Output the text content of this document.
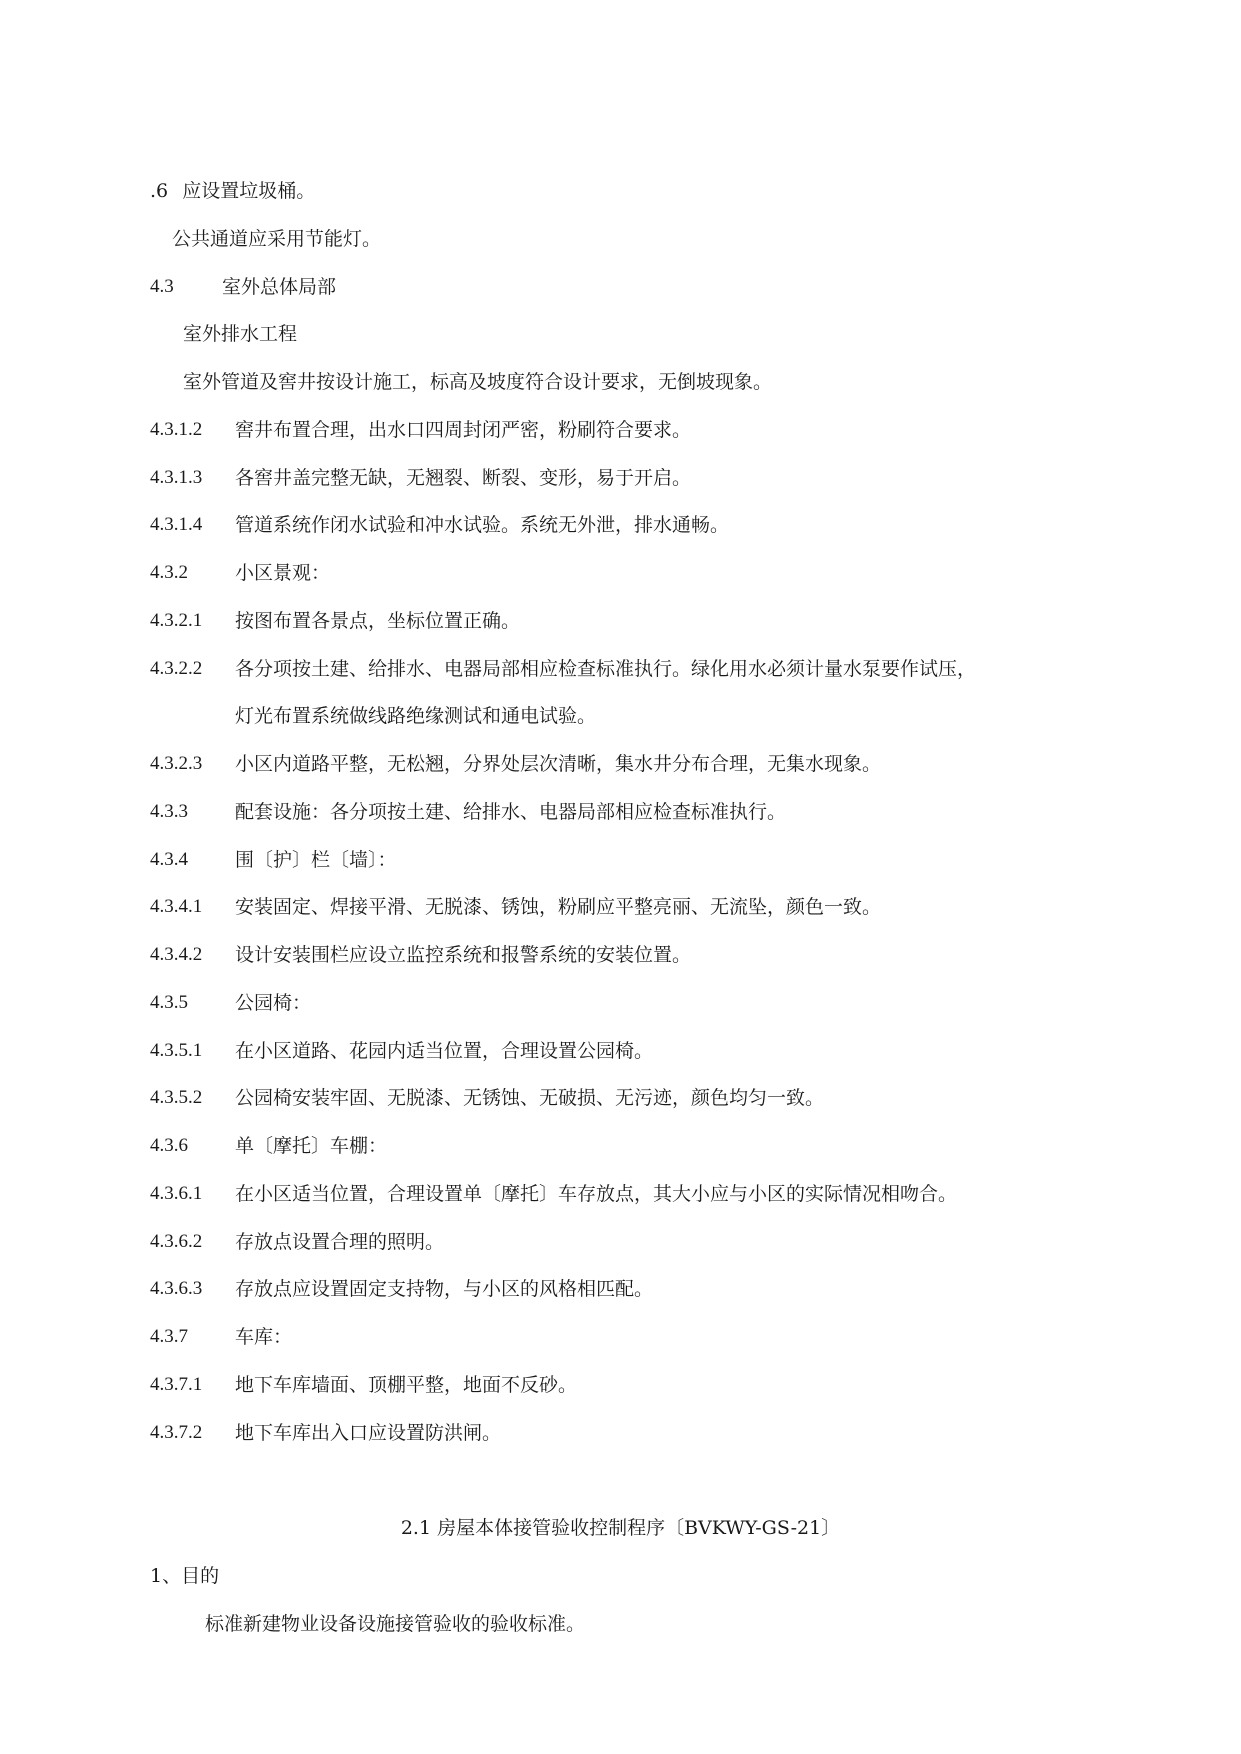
.6 应设置垃圾桶。
公共通道应采用节能灯。
4.3	室外总体局部
室外排水工程
室外管道及窖井按设计施工，标高及坡度符合设计要求，无倒坡现象。
4.3.1.2 窖井布置合理，出水口四周封闭严密，粉刷符合要求。
4.3.1.3 各窖井盖完整无缺，无翘裂、断裂、变形，易于开启。
4.3.1.4 管道系统作闭水试验和冲水试验。系统无外泄，排水通畅。
4.3.2 小区景观：
4.3.2.1 按图布置各景点，坐标位置正确。
4.3.2.2 各分项按土建、给排水、电器局部相应检查标准执行。绿化用水必须计量水泵要作试压，
灯光布置系统做线路绝缘测试和通电试验。
4.3.2.3 小区内道路平整，无松翘，分界处层次清晰，集水井分布合理，无集水现象。
4.3.3 配套设施：各分项按土建、给排水、电器局部相应检查标准执行。
4.3.4 围〔护〕栏〔墙〕：
4.3.4.1 安装固定、焊接平滑、无脱漆、锈蚀，粉刷应平整亮丽、无流坠，颜色一致。
4.3.4.2 设计安装围栏应设立监控系统和报警系统的安装位置。
4.3.5 公园椅：
4.3.5.1 在小区道路、花园内适当位置，合理设置公园椅。
4.3.5.2 公园椅安装牢固、无脱漆、无锈蚀、无破损、无污迹，颜色均匀一致。
4.3.6 单〔摩托〕车棚：
4.3.6.1 在小区适当位置，合理设置单〔摩托〕车存放点，其大小应与小区的实际情况相吻合。
4.3.6.2 存放点设置合理的照明。
4.3.6.3 存放点应设置固定支持物，与小区的风格相匹配。
4.3.7 车库：
4.3.7.1 地下车库墙面、顶棚平整，地面不反砂。
4.3.7.2 地下车库出入口应设置防洪闸。
2.1 房屋本体接管验收控制程序〔BVKWY-GS-21〕
1、目的
标准新建物业设备设施接管验收的验收标准。
